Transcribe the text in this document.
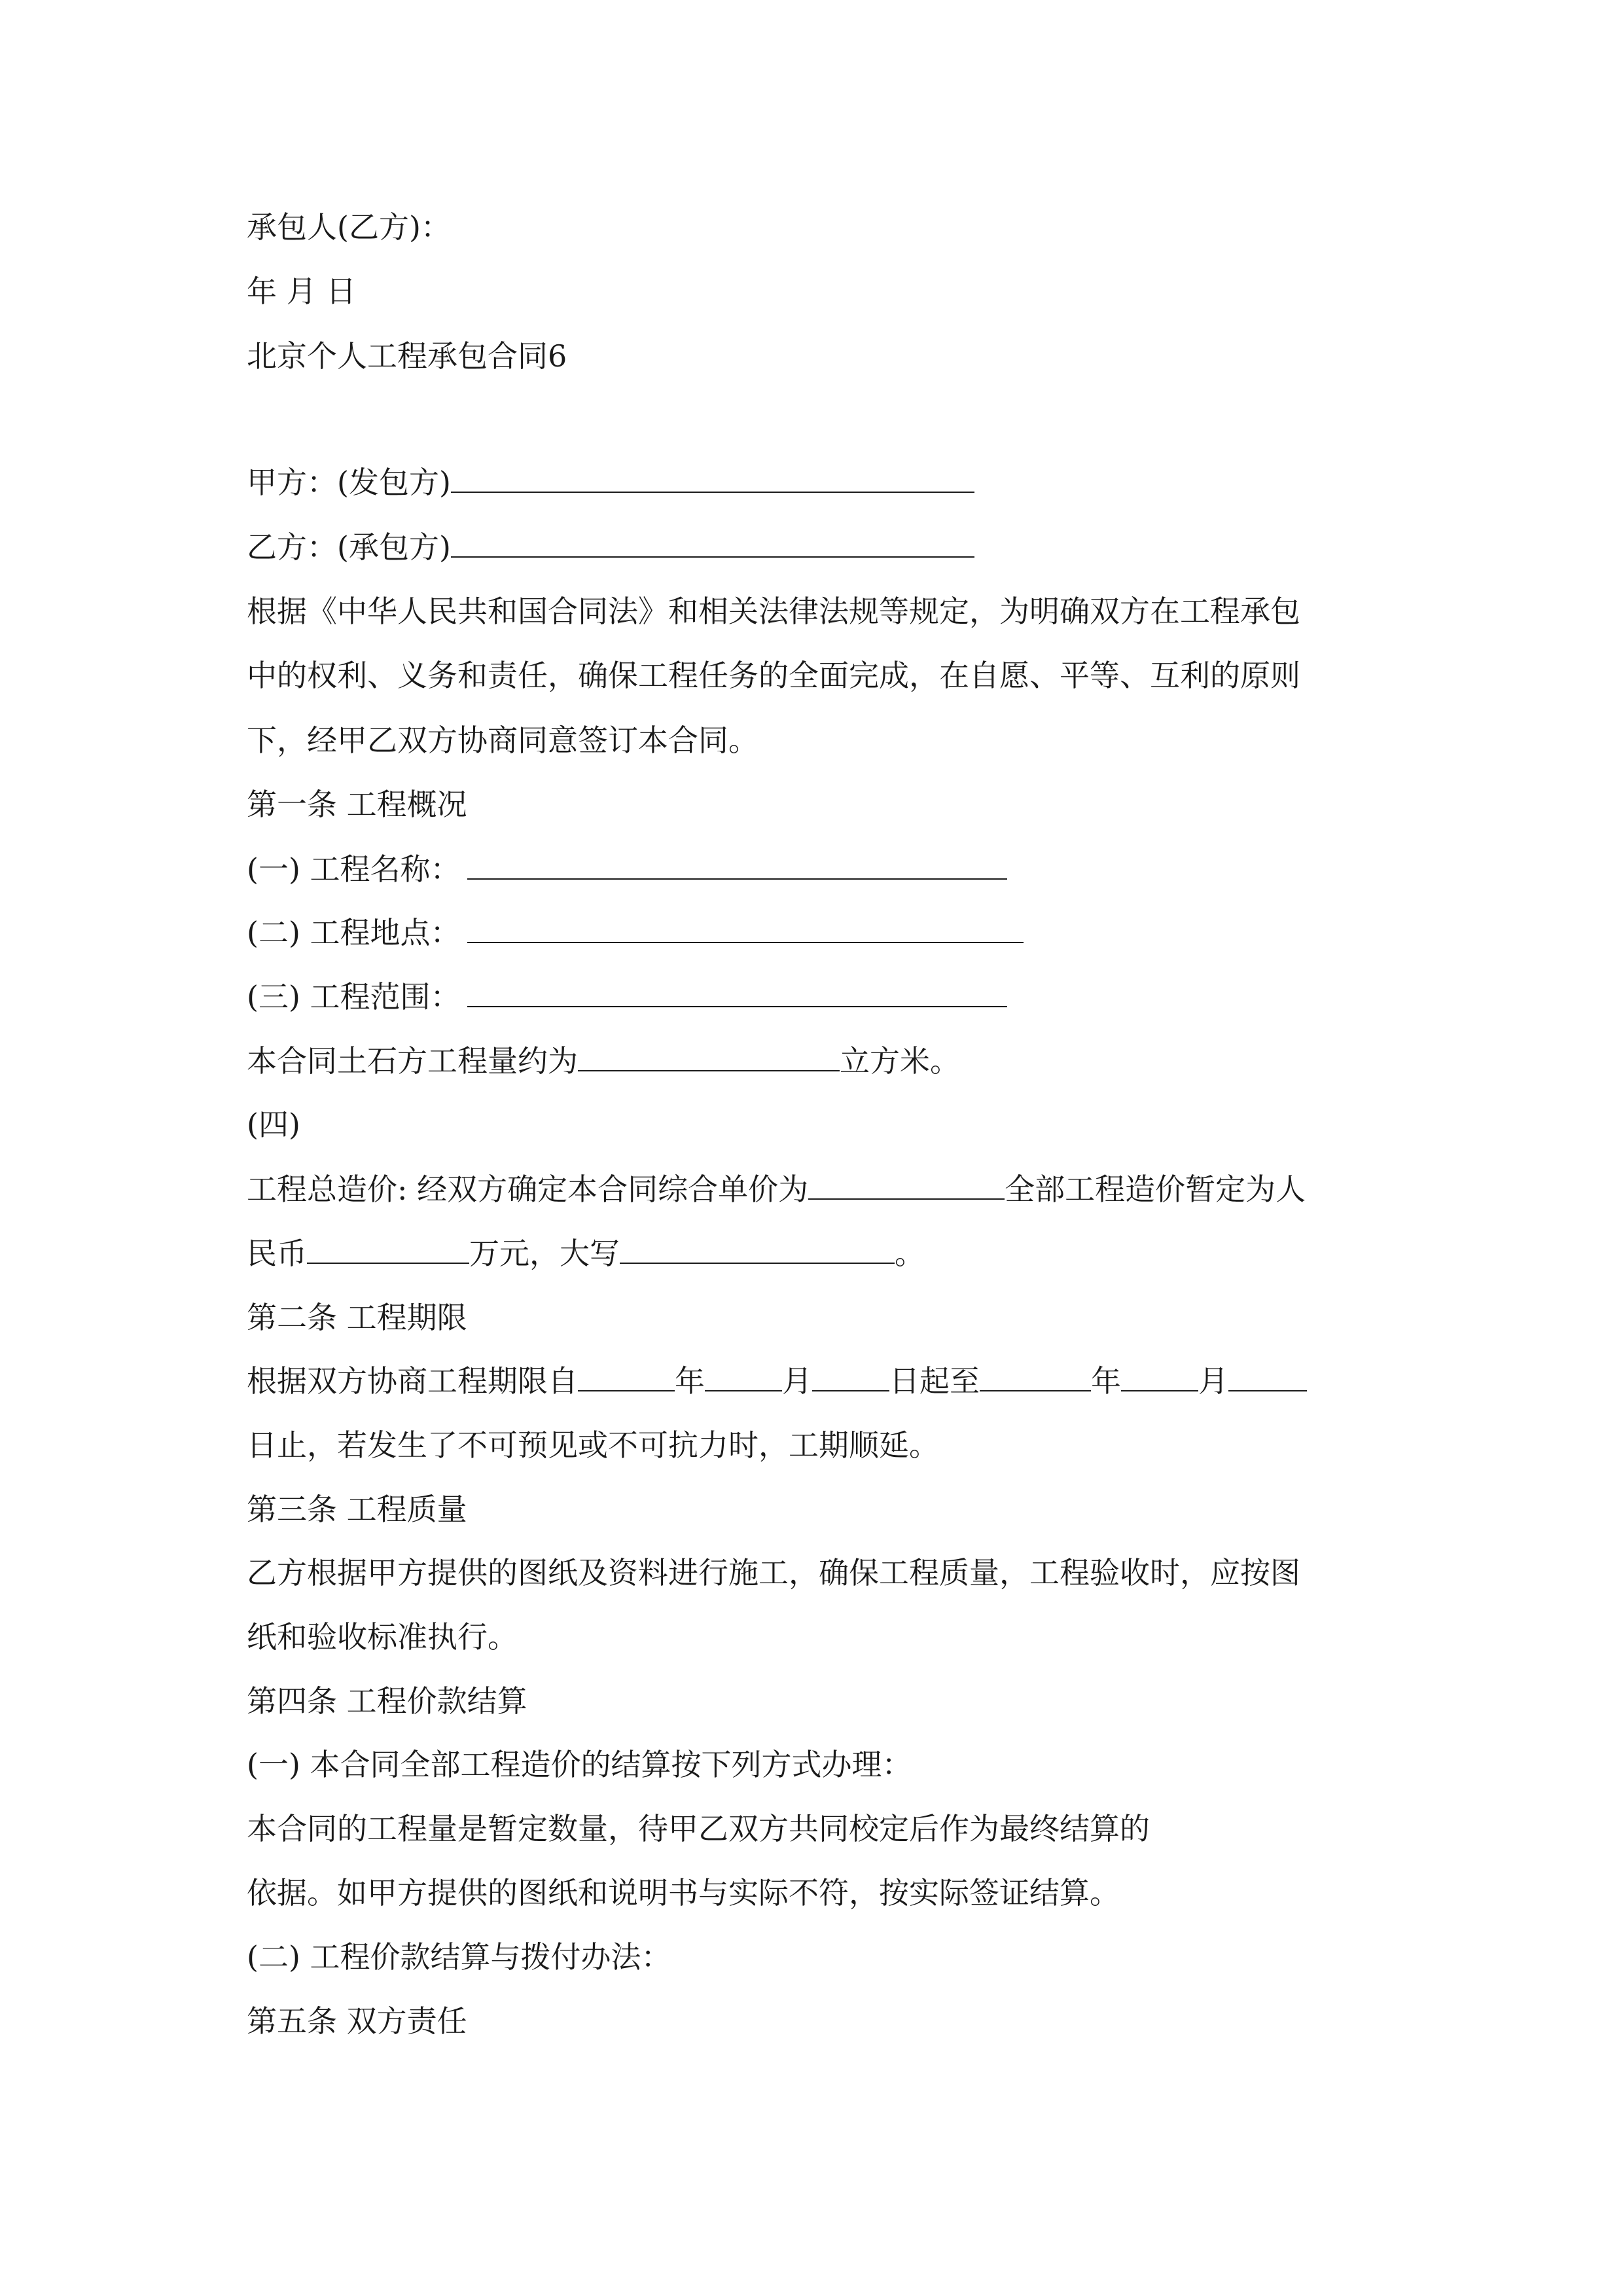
承包人(乙方)：
年 月 日
北京个人工程承包合同6
甲方：(发包方)
乙方：(承包方)
根据《中华人民共和国合同法》和相关法律法规等规定，为明确双方在工程承包
中的权利、义务和责任，确保工程任务的全面完成，在自愿、平等、互利的原则
下，经甲乙双方协商同意签订本合同。
第一条 工程概况
(一) 工程名称：
(二) 工程地点：
(三) 工程范围：
本合同土石方工程量约为	立方米。
(四)
工程总造价: 经双方确定本合同综合单价为	全部工程造价暂定为人
民币	万元，大写	。
第二条 工程期限
根据双方协商工程期限自	年	月	日起至	年	月
日止，若发生了不可预见或不可抗力时，工期顺延。
第三条 工程质量
乙方根据甲方提供的图纸及资料进行施工，确保工程质量，工程验收时，应按图
纸和验收标准执行。
第四条 工程价款结算
(一) 本合同全部工程造价的结算按下列方式办理：
本合同的工程量是暂定数量，待甲乙双方共同校定后作为最终结算的
依据。如甲方提供的图纸和说明书与实际不符，按实际签证结算。
(二) 工程价款结算与拨付办法：
第五条 双方责任
